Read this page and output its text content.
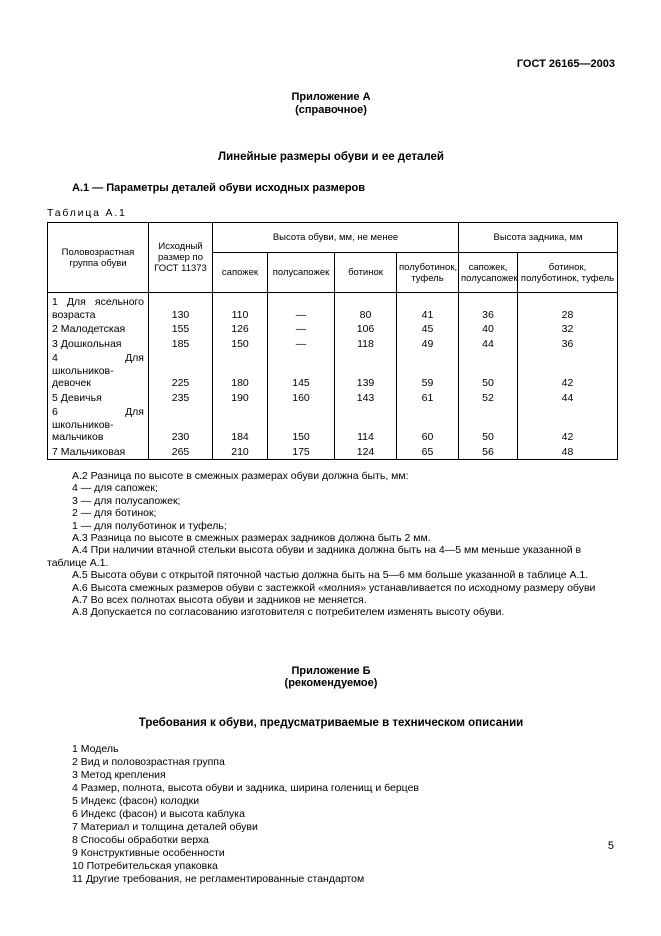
ГОСТ 26165—2003
Приложение А
(справочное)
Линейные размеры обуви и ее деталей
А.1 — Параметры деталей обуви исходных размеров
Таблица А.1
Половозрастная группа обуви	Исходный размер по ГОСТ 11373	Высота обуви, мм, не менее				Высота задника, мм	
		сапожек	полусапожек	ботинок	полуботинок, туфель	сапожек, полусапожек	ботинок, полуботинок, туфель
1 Для ясельного возраста	130	110	—	80	41	36	28
2 Малодетская	155	126	—	106	45	40	32
3 Дошкольная	185	150	—	118	49	44	36
4 Для школьников-девочек	225	180	145	139	59	50	42
5 Девичья	235	190	160	143	61	52	44
6 Для школьников-мальчиков	230	184	150	114	60	50	42
7 Мальчиковая	265	210	175	124	65	56	48

А.2 Разница по высоте в смежных размерах обуви должна быть, мм:

4 — для сапожек;

3 — для полусапожек;

2 — для ботинок;

1 — для полуботинок и туфель;

А.3 Разница по высоте в смежных размерах задников должна быть 2 мм.

А.4 При наличии втачной стельки высота обуви и задника должна быть на 4—5 мм меньше указанной в таблице А.1.

А.5 Высота обуви с открытой пяточной частью должна быть на 5—6 мм больше указанной в таблице А.1.

А.6 Высота смежных размеров обуви с застежкой «молния» устанавливается по исходному размеру обуви

А.7 Во всех полнотах высота обуви и задников не меняется.

А.8 Допускается по согласованию изготовителя с потребителем изменять высоту обуви.

Приложение Б
(рекомендуемое)
Требования к обуви, предусматриваемые в техническом описании

1 Модель

2 Вид и половозрастная группа

3 Метод крепления

4 Размер, полнота, высота обуви и задника, ширина голенищ и берцев

5 Индекс (фасон) колодки

6 Индекс (фасон) и высота каблука

7 Материал и толщина деталей обуви

8 Способы обработки верха

9 Конструктивные особенности

10 Потребительская упаковка

11 Другие требования, не регламентированные стандартом

5
